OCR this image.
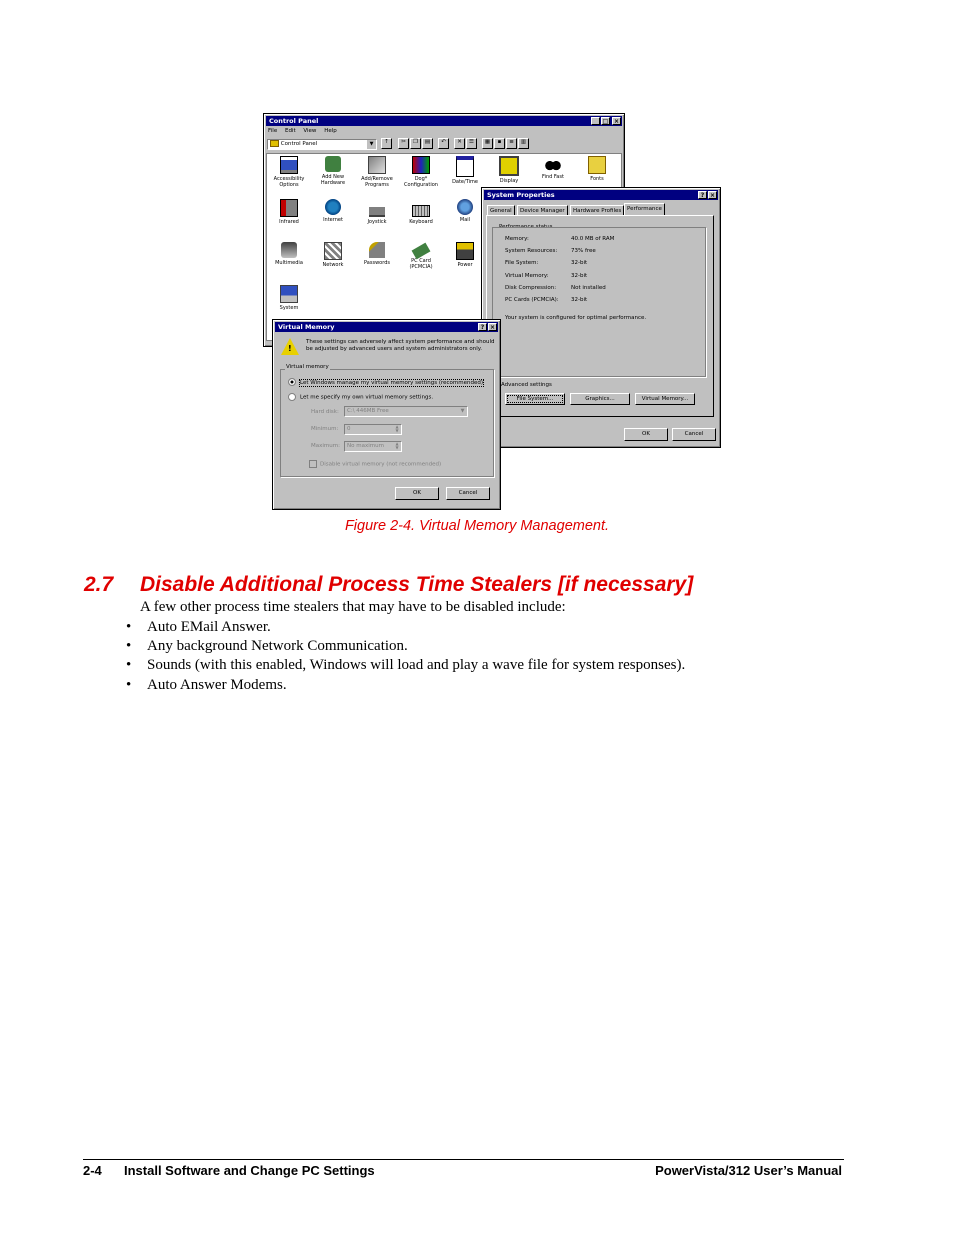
Control Panel	_ □ ×
File Edit View Help
Control Panel	▼	↑	✂	❐	▤	↶	✕	☰	▦	▪	≡	▥
Accessibility
Options
Add New
Hardware
Add/Remove
Programs
Dog*
Configuration	Date/Time	Display
Find Fast	Fonts
Infrared	Internet	Joystick	Keyboard	Mail
Multimedia	Network	Passwords	PC Card
(PCMCIA)	Power
System
System Properties	? ×
General	Device Manager	Hardware Profiles	Performance
Performance status
Memory:	40.0 MB of RAM
System Resources:	73% free
File System:	32-bit
Virtual Memory:	32-bit
Disk Compression:	Not installed
PC Cards (PCMCIA): 32-bit
Your system is configured for optimal performance.
Advanced settings
File System...	Graphics...	Virtual Memory...
OK	Cancel
Virtual Memory	? ×
!
These settings can adversely affect system performance and should be adjusted by advanced users and system administrators only.
Virtual memory
Let Windows manage my virtual memory settings (recommended)
Let me specify my own virtual memory settings.
Hard disk:	C:\ 446MB Free	▼
Minimum:	0	▲
▼
Maximum:	No maximum	▲
▼
Disable virtual memory (not recommended)
OK	Cancel
Figure 2-4. Virtual Memory Management.
2.7 Disable Additional Process Time Stealers [if necessary]
A few other process time stealers that may have to be disabled include:
• Auto EMail Answer.
• Any background Network Communication.
• Sounds (with this enabled, Windows will load and play a wave file for system responses).
• Auto Answer Modems.
2-4 Install Software and Change PC Settings	PowerVista/312 User’s Manual
